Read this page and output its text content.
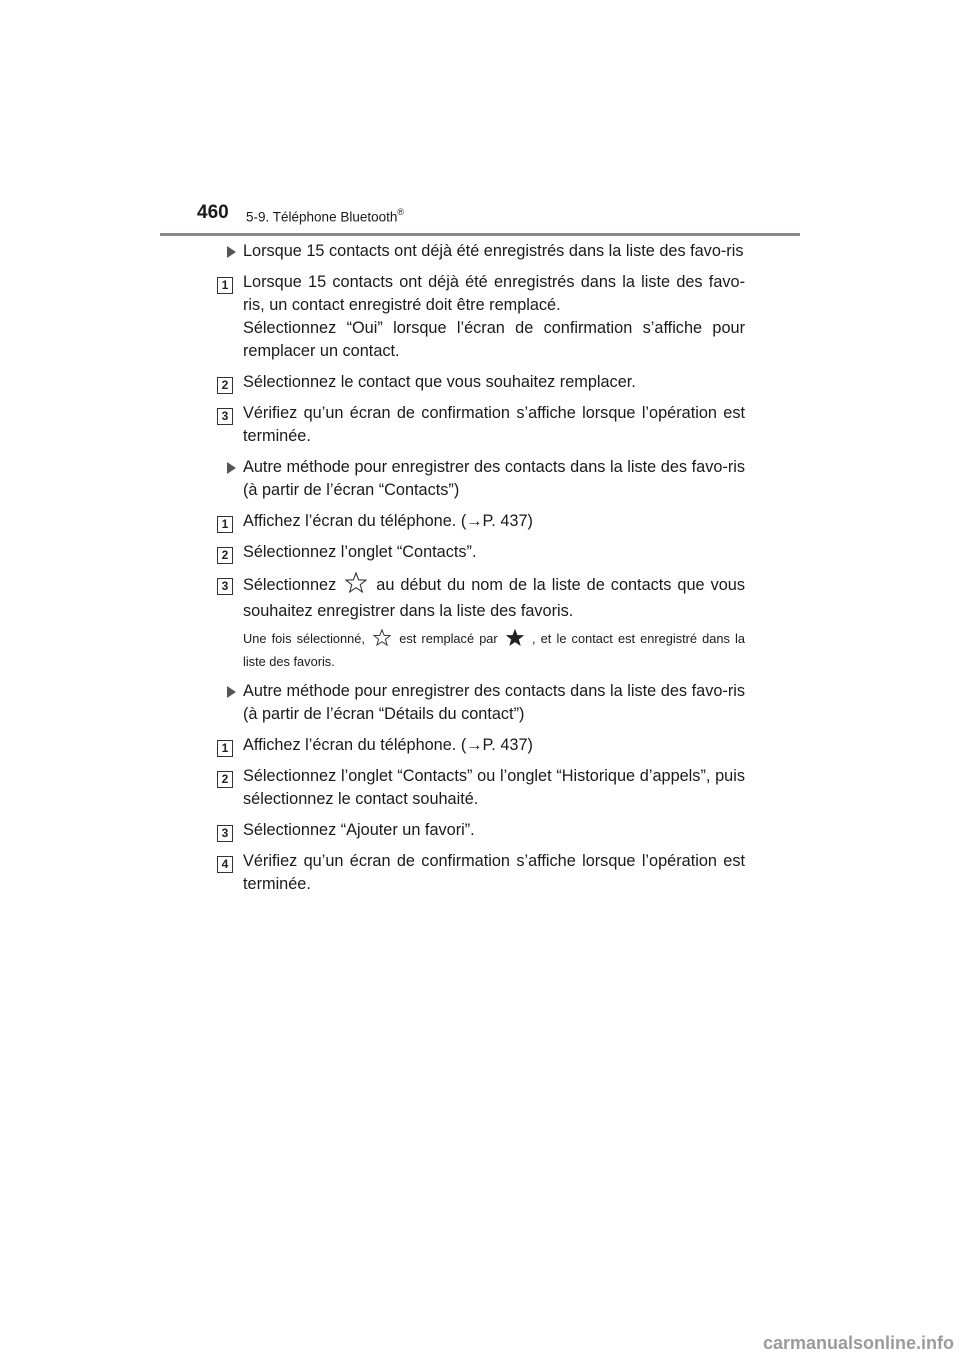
460 5-9. Téléphone Bluetooth®
Lorsque 15 contacts ont déjà été enregistrés dans la liste des favo-ris
1 Lorsque 15 contacts ont déjà été enregistrés dans la liste des favo-ris, un contact enregistré doit être remplacé.
Sélectionnez “Oui” lorsque l’écran de confirmation s’affiche pour remplacer un contact.
2 Sélectionnez le contact que vous souhaitez remplacer.
3 Vérifiez qu’un écran de confirmation s’affiche lorsque l’opération est terminée.
Autre méthode pour enregistrer des contacts dans la liste des favo-ris (à partir de l’écran “Contacts”)
1 Affichez l’écran du téléphone. (→P. 437)
2 Sélectionnez l’onglet “Contacts”.
3 Sélectionnez au début du nom de la liste de contacts que vous souhaitez enregistrer dans la liste des favoris.
Une fois sélectionné,	est remplacé par	, et le contact est enregistré dans la liste des favoris.
Autre méthode pour enregistrer des contacts dans la liste des favo-ris (à partir de l’écran “Détails du contact”)
1 Affichez l’écran du téléphone. (→P. 437)
2 Sélectionnez l’onglet “Contacts” ou l’onglet “Historique d’appels”, puis sélectionnez le contact souhaité.
3 Sélectionnez “Ajouter un favori”.
4 Vérifiez qu’un écran de confirmation s’affiche lorsque l’opération est terminée.
carmanualsonline.info
